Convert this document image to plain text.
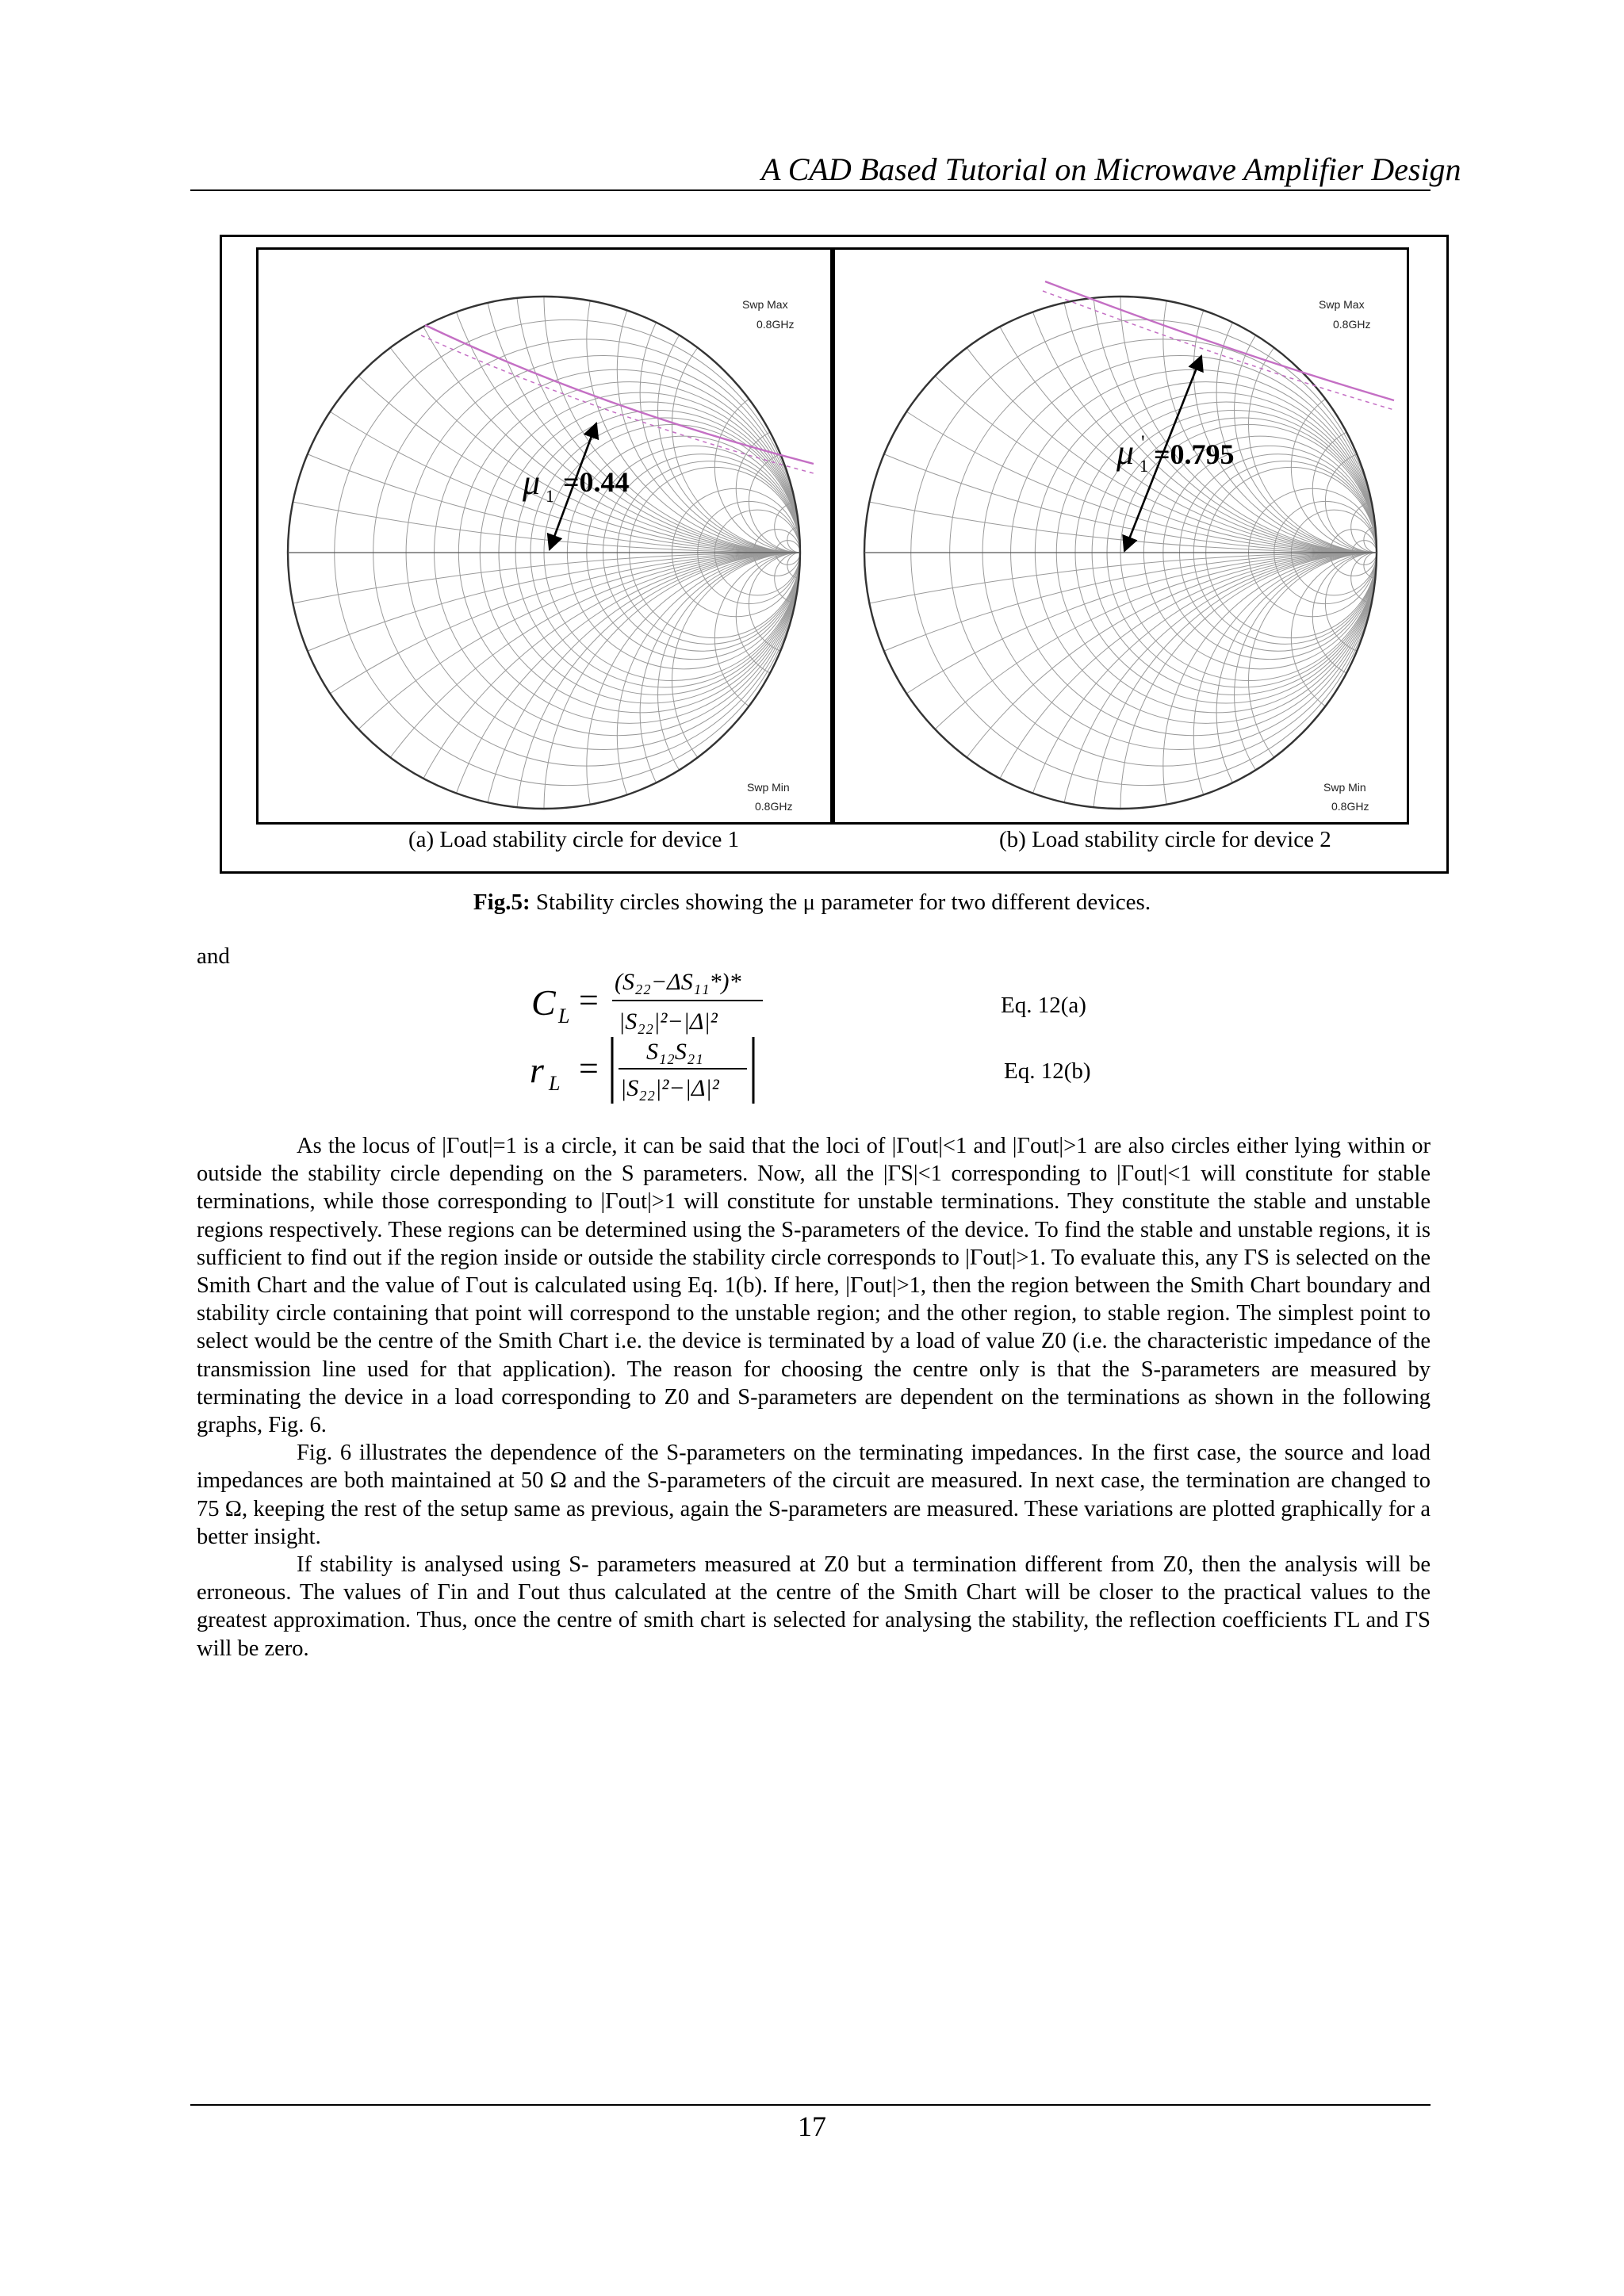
A CAD Based Tutorial on Microwave Amplifier Design
μ 1 =0.44
Swp Max
0.8GHz
Swp Min
0.8GHz
μ 1
' =0.795
Swp Max
0.8GHz
Swp Min
0.8GHz
(a) Load stability circle for device 1	(b) Load stability circle for device 2
Fig.5: Stability circles showing the μ parameter for two different devices.
and
C L = (S₂₂−ΔS₁₁*)*
|S₂₂|²−|Δ|²
r L = S₁₂S₂₁
|S₂₂|²−|Δ|²
Eq. 12(a)
Eq. 12(b)

As the locus of |Γout|=1 is a circle, it can be said that the loci of |Γout|<1 and |Γout|>1 are also circles either lying within or outside the stability circle depending on the S parameters. Now, all the |ΓS|<1 corresponding to |Γout|<1 will constitute for stable terminations, while those corresponding to |Γout|>1 will constitute for unstable terminations. They constitute the stable and unstable regions respectively. These regions can be determined using the S-parameters of the device. To find the stable and unstable regions, it is sufficient to find out if the region inside or outside the stability circle corresponds to |Γout|>1. To evaluate this, any ΓS is selected on the Smith Chart and the value of Γout is calculated using Eq. 1(b). If here, |Γout|>1, then the region between the Smith Chart boundary and stability circle containing that point will correspond to the unstable region; and the other region, to stable region. The simplest point to select would be the centre of the Smith Chart i.e. the device is terminated by a load of value Z0 (i.e. the characteristic impedance of the transmission line used for that application). The reason for choosing the centre only is that the S-parameters are measured by terminating the device in a load corresponding to Z0 and S-parameters are dependent on the terminations as shown in the following graphs, Fig. 6.

Fig. 6 illustrates the dependence of the S-parameters on the terminating impedances. In the first case, the source and load impedances are both maintained at 50 Ω and the S-parameters of the circuit are measured. In next case, the termination are changed to 75 Ω, keeping the rest of the setup same as previous, again the S-parameters are measured. These variations are plotted graphically for a better insight.

If stability is analysed using S- parameters measured at Z0 but a termination different from Z0, then the analysis will be erroneous. The values of Γin and Γout thus calculated at the centre of the Smith Chart will be closer to the practical values to the greatest approximation. Thus, once the centre of smith chart is selected for analysing the stability, the reflection coefficients ΓL and ΓS will be zero.

17
